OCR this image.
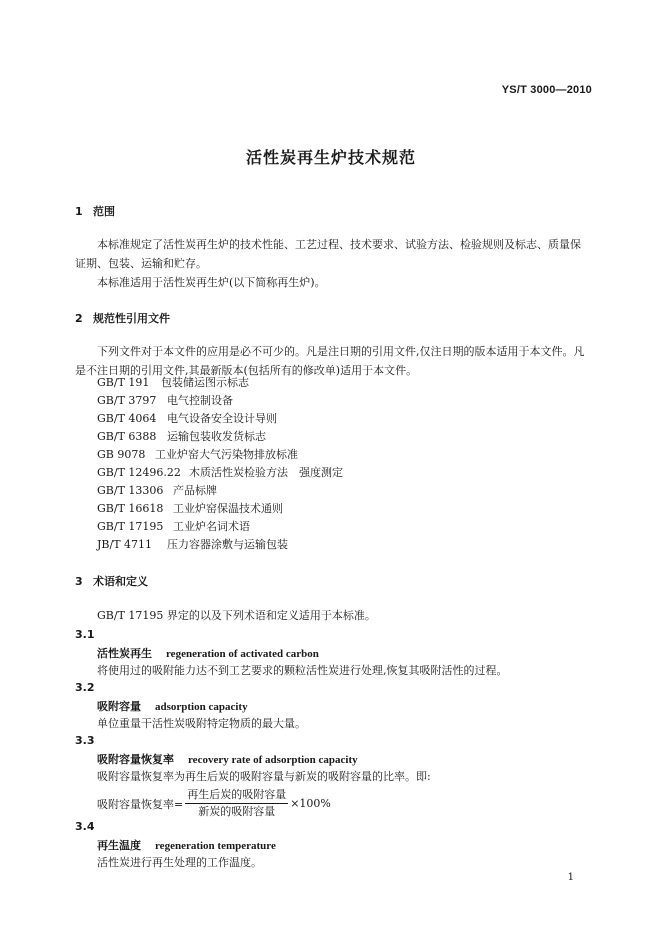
YS/T 3000—2010
活性炭再生炉技术规范
1 范围
本标准规定了活性炭再生炉的技术性能、工艺过程、技术要求、试验方法、检验规则及标志、质量保证期、包装、运输和贮存。
本标准适用于活性炭再生炉(以下简称再生炉)。
2 规范性引用文件
下列文件对于本文件的应用是必不可少的。凡是注日期的引用文件,仅注日期的版本适用于本文件。凡是不注日期的引用文件,其最新版本(包括所有的修改单)适用于本文件。
GB/T 191 包装储运图示标志
GB/T 3797 电气控制设备
GB/T 4064 电气设备安全设计导则
GB/T 6388 运输包装收发货标志
GB 9078 工业炉窑大气污染物排放标准
GB/T 12496.22 木质活性炭检验方法　强度测定
GB/T 13306 产品标牌
GB/T 16618 工业炉窑保温技术通则
GB/T 17195 工业炉名词术语
JB/T 4711 压力容器涂敷与运输包装
3 术语和定义
GB/T 17195 界定的以及下列术语和定义适用于本标准。
3.1
活性炭再生 regeneration of activated carbon
将使用过的吸附能力达不到工艺要求的颗粒活性炭进行处理,恢复其吸附活性的过程。
3.2
吸附容量 adsorption capacity
单位重量干活性炭吸附特定物质的最大量。
3.3
吸附容量恢复率 recovery rate of adsorption capacity
吸附容量恢复率为再生后炭的吸附容量与新炭的吸附容量的比率。即:
吸附容量恢复率= $\frac{\text{再生后炭的吸附容量}}{\text{新炭的吸附容量}} \times 100\%$
3.4
再生温度 regeneration temperature
活性炭进行再生处理的工作温度。
1
